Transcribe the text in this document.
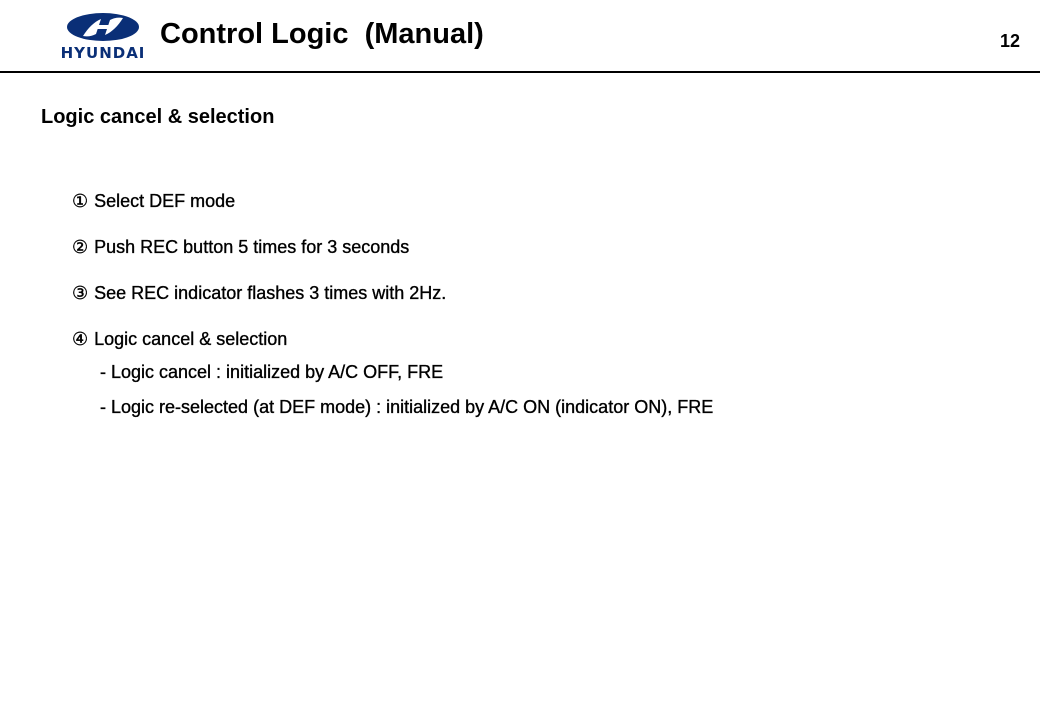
HYUNDAI
Control Logic  (Manual)	12
Logic cancel & selection
① Select DEF mode
② Push REC button 5 times for 3 seconds
③ See REC indicator flashes 3 times with 2Hz.
④ Logic cancel & selection
- Logic cancel : initialized by A/C OFF, FRE
- Logic re-selected (at DEF mode) : initialized by A/C ON (indicator ON), FRE
